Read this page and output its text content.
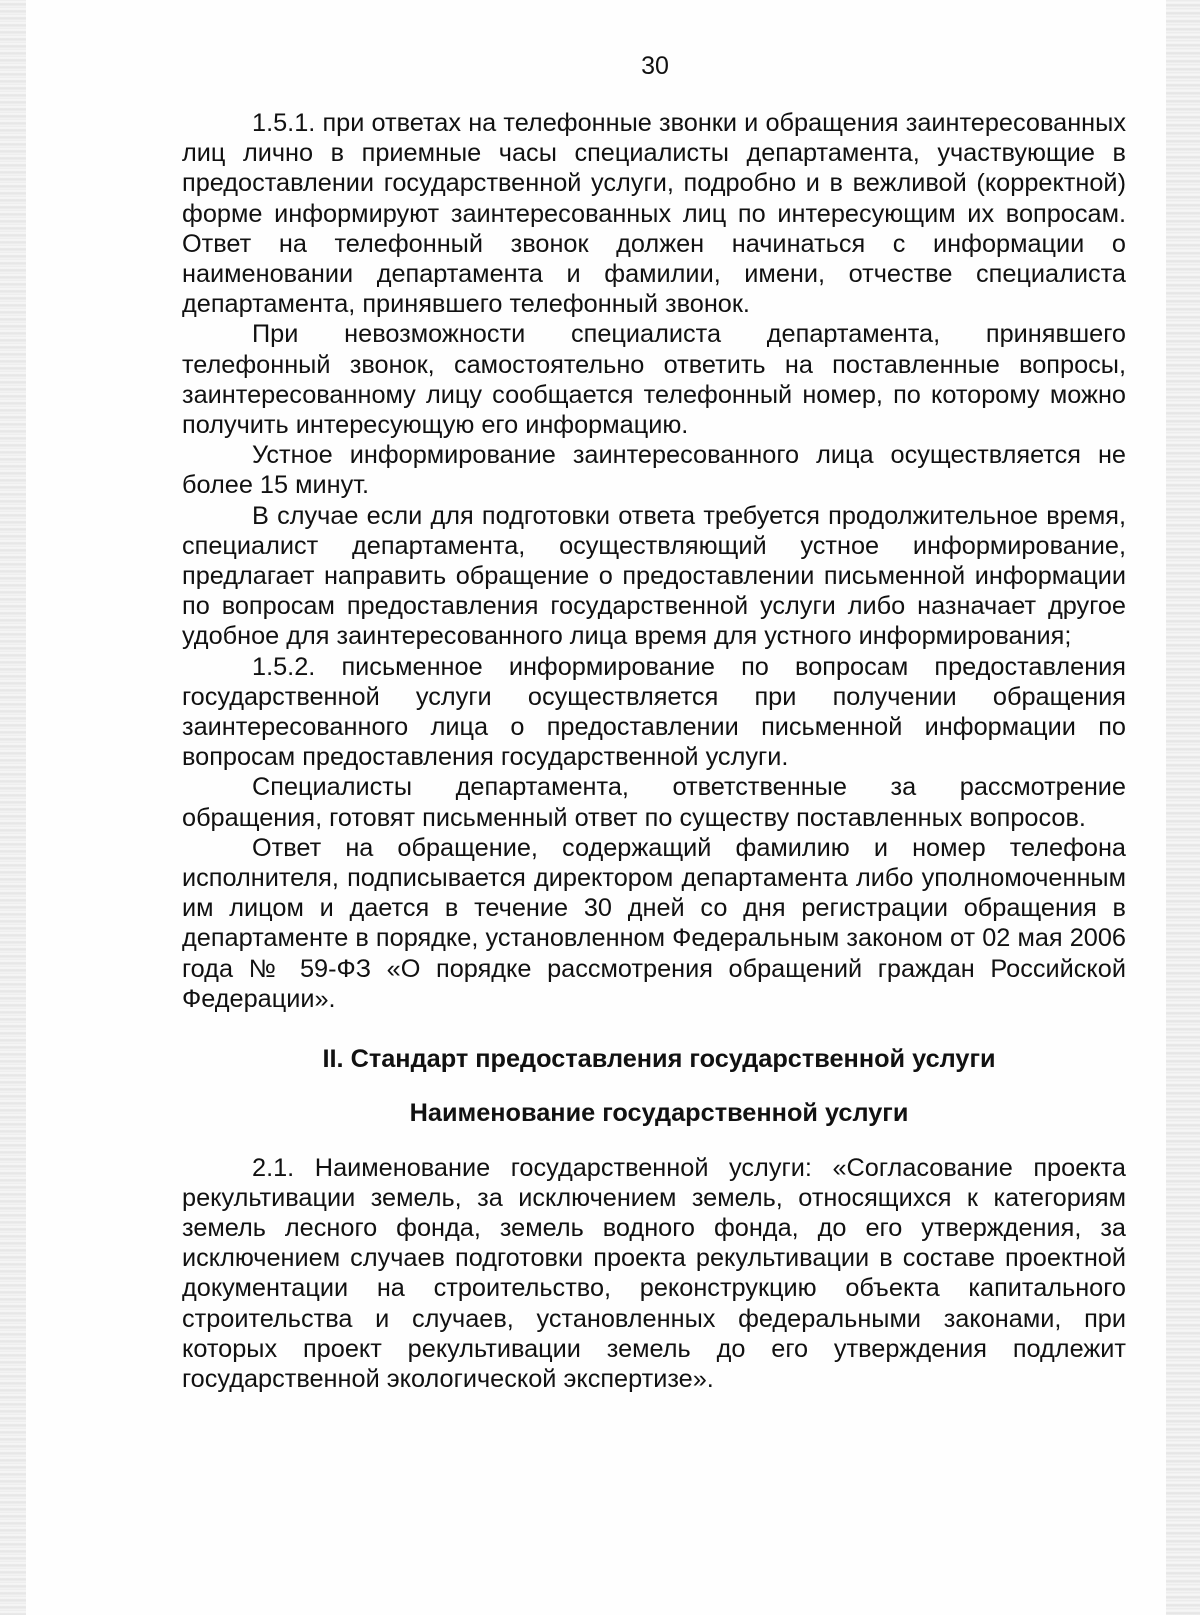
30

1.5.1. при ответах на телефонные звонки и обращения заинтересованных лиц лично в приемные часы специалисты департамента, участвующие в предоставлении государственной услуги, подробно и в вежливой (корректной) форме информируют заинтересованных лиц по интересующим их вопросам. Ответ на телефонный звонок должен начинаться с информации о наименовании департамента и фамилии, имени, отчестве специалиста департамента, принявшего телефонный звонок.

При невозможности специалиста департамента, принявшего телефонный звонок, самостоятельно ответить на поставленные вопросы, заинтересованному лицу сообщается телефонный номер, по которому можно получить интересующую его информацию.

Устное информирование заинтересованного лица осуществляется не более 15 минут.

В случае если для подготовки ответа требуется продолжительное время, специалист департамента, осуществляющий устное информирование, предлагает направить обращение о предоставлении письменной информации по вопросам предоставления государственной услуги либо назначает другое удобное для заинтересованного лица время для устного информирования;

1.5.2. письменное информирование по вопросам предоставления государственной услуги осуществляется при получении обращения заинтересованного лица о предоставлении письменной информации по вопросам предоставления государственной услуги.

Специалисты департамента, ответственные за рассмотрение обращения, готовят письменный ответ по существу поставленных вопросов.

Ответ на обращение, содержащий фамилию и номер телефона исполнителя, подписывается директором департамента либо уполномоченным им лицом и дается в течение 30 дней со дня регистрации обращения в департаменте в порядке, установленном Федеральным законом от 02 мая 2006 года № 59-ФЗ «О порядке рассмотрения обращений граждан Российской Федерации».

II. Стандарт предоставления государственной услуги

Наименование государственной услуги

2.1. Наименование государственной услуги: «Согласование проекта рекультивации земель, за исключением земель, относящихся к категориям земель лесного фонда, земель водного фонда, до его утверждения, за исключением случаев подготовки проекта рекультивации в составе проектной документации на строительство, реконструкцию объекта капитального строительства и случаев, установленных федеральными законами, при которых проект рекультивации земель до его утверждения подлежит государственной экологической экспертизе».
